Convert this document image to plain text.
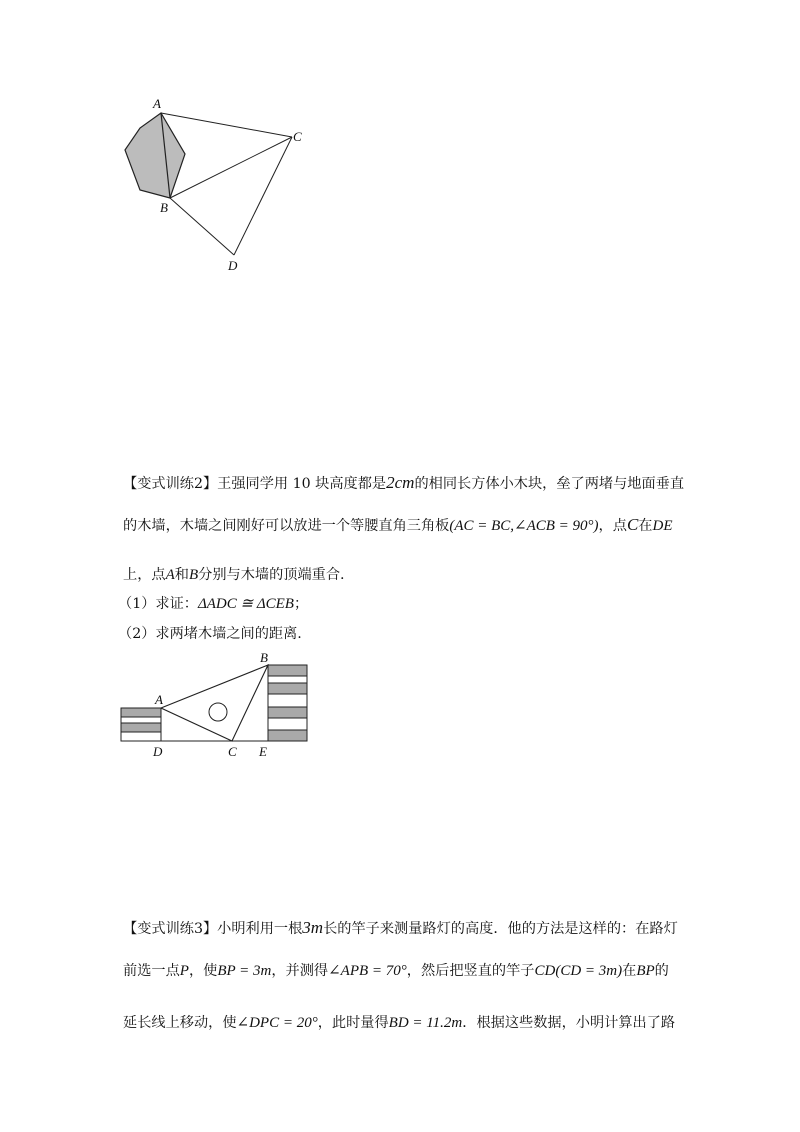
A
B
C
D
【变式训练2】王强同学用 10 块高度都是2cm的相同长方体小木块，垒了两堵与地面垂直
的木墙，木墙之间刚好可以放进一个等腰直角三角板(AC = BC,∠ACB = 90°)，点C在DE
上，点A和B分别与木墙的顶端重合.
（1）求证：ΔADC ≅ ΔCEB；
（2）求两堵木墙之间的距离.
A
B
C
D	E
【变式训练3】小明利用一根3m长的竿子来测量路灯的高度．他的方法是这样的：在路灯
前选一点P，使BP = 3m，并测得∠APB = 70°，然后把竖直的竿子CD(CD = 3m)在BP的
延长线上移动，使∠DPC = 20°，此时量得BD = 11.2m．根据这些数据，小明计算出了路
